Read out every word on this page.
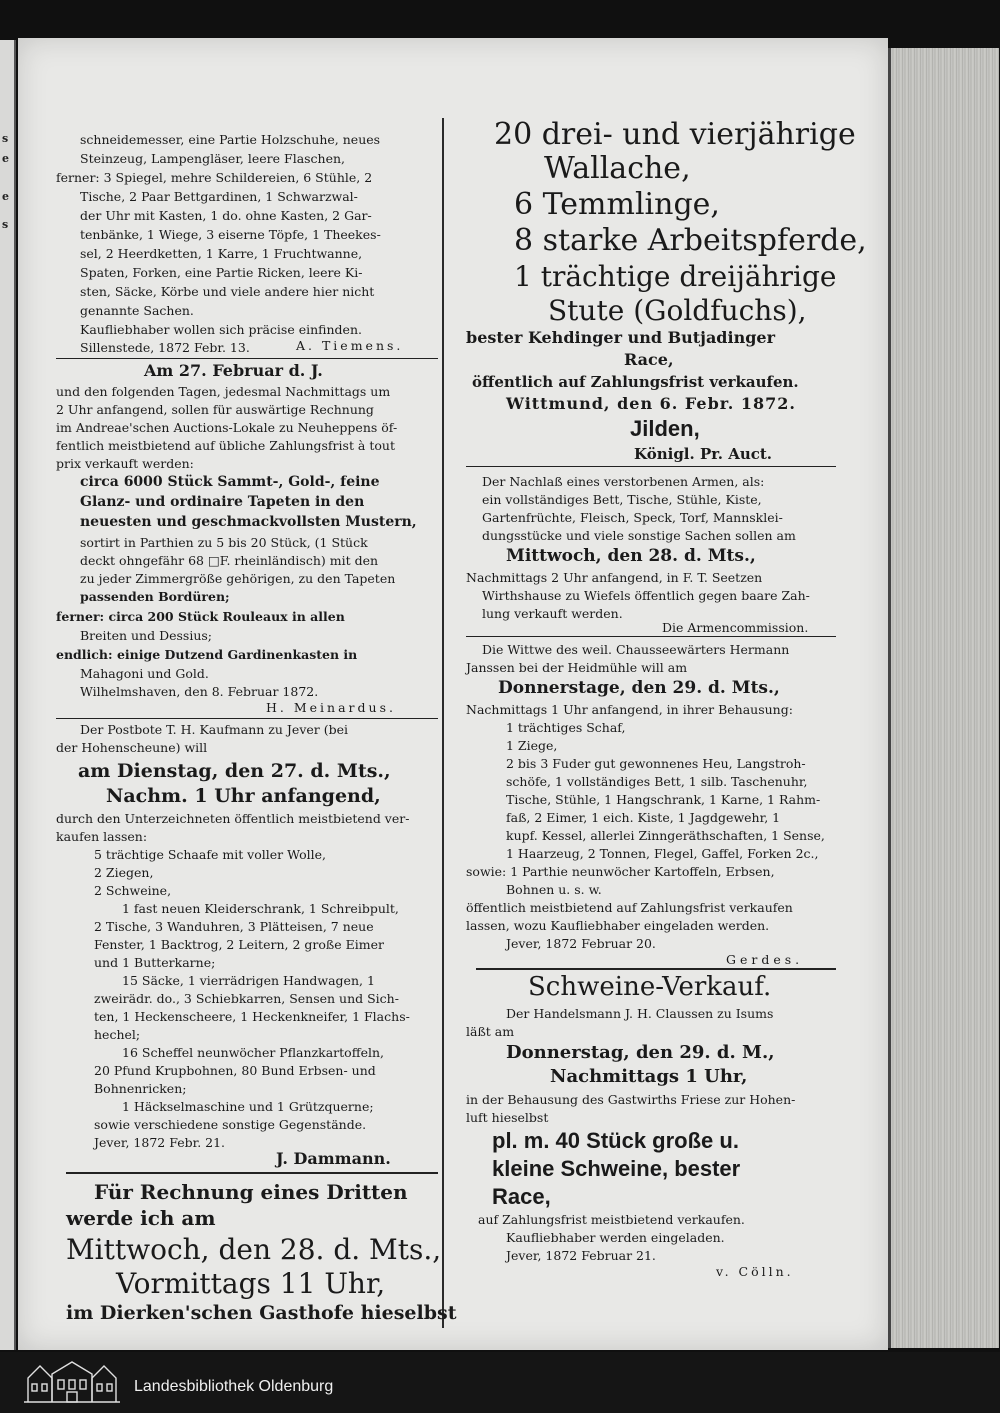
s
e
e
s
schneidemesser, eine Partie Holzschuhe, neues
Steinzeug, Lampengläser, leere Flaschen,
ferner: 3 Spiegel, mehre Schildereien, 6 Stühle, 2
Tische, 2 Paar Bettgardinen, 1 Schwarzwal-
der Uhr mit Kasten, 1 do. ohne Kasten, 2 Gar-
tenbänke, 1 Wiege, 3 eiserne Töpfe, 1 Theekes-
sel, 2 Heerdketten, 1 Karre, 1 Fruchtwanne,
Spaten, Forken, eine Partie Ricken, leere Ki-
sten, Säcke, Körbe und viele andere hier nicht
genannte Sachen.
Kaufliebhaber wollen sich präcise einfinden.
Sillenstede, 1872 Febr. 13.	A. Tiemens.
Am 27. Februar d. J.
und den folgenden Tagen, jedesmal Nachmittags um
2 Uhr anfangend, sollen für auswärtige Rechnung
im Andreae'schen Auctions-Lokale zu Neuheppens öf-
fentlich meistbietend auf übliche Zahlungsfrist à tout
prix verkauft werden:
circa 6000 Stück Sammt-, Gold-, feine
Glanz- und ordinaire Tapeten in den
neuesten und geschmackvollsten Mustern,
sortirt in Parthien zu 5 bis 20 Stück, (1 Stück
deckt ohngefähr 68 □F. rheinländisch) mit den
zu jeder Zimmergröße gehörigen, zu den Tapeten
passenden Bordüren;
ferner: circa 200 Stück Rouleaux in allen
Breiten und Dessius;
endlich: einige Dutzend Gardinenkasten in
Mahagoni und Gold.
Wilhelmshaven, den 8. Februar 1872.
H. Meinardus.
Der Postbote T. H. Kaufmann zu Jever (bei
der Hohenscheune) will
am Dienstag, den 27. d. Mts.,
Nachm. 1 Uhr anfangend,
durch den Unterzeichneten öffentlich meistbietend ver-
kaufen lassen:
5 trächtige Schaafe mit voller Wolle,
2 Ziegen,
2 Schweine,
1 fast neuen Kleiderschrank, 1 Schreibpult,
2 Tische, 3 Wanduhren, 3 Plätteisen, 7 neue
Fenster, 1 Backtrog, 2 Leitern, 2 große Eimer
und 1 Butterkarne;
15 Säcke, 1 vierrädrigen Handwagen, 1
zweirädr. do., 3 Schiebkarren, Sensen und Sich-
ten, 1 Heckenscheere, 1 Heckenkneifer, 1 Flachs-
hechel;
16 Scheffel neunwöcher Pflanzkartoffeln,
20 Pfund Krupbohnen, 80 Bund Erbsen- und
Bohnenricken;
1 Häckselmaschine und 1 Grützquerne;
sowie verschiedene sonstige Gegenstände.
Jever, 1872 Febr. 21.
J. Dammann.
Für Rechnung eines Dritten
werde ich am
Mittwoch, den 28. d. Mts.,
Vormittags 11 Uhr,
im Dierken'schen Gasthofe hieselbst
20 drei- und vierjährige
Wallache,
6 Temmlinge,
8 starke Arbeitspferde,
1 trächtige dreijährige
Stute (Goldfuchs),
bester Kehdinger und Butjadinger
Race,
öffentlich auf Zahlungsfrist verkaufen.
Wittmund, den 6. Febr. 1872.
Jilden,
Königl. Pr. Auct.
Der Nachlaß eines verstorbenen Armen, als:
ein vollständiges Bett, Tische, Stühle, Kiste,
Gartenfrüchte, Fleisch, Speck, Torf, Mannsklei-
dungsstücke und viele sonstige Sachen sollen am
Mittwoch, den 28. d. Mts.,
Nachmittags 2 Uhr anfangend, in F. T. Seetzen
Wirthshause zu Wiefels öffentlich gegen baare Zah-
lung verkauft werden.
Die Armencommission.
Die Wittwe des weil. Chausseewärters Hermann
Janssen bei der Heidmühle will am
Donnerstage, den 29. d. Mts.,
Nachmittags 1 Uhr anfangend, in ihrer Behausung:
1 trächtiges Schaf,
1 Ziege,
2 bis 3 Fuder gut gewonnenes Heu, Langstroh-
schöfe, 1 vollständiges Bett, 1 silb. Taschenuhr,
Tische, Stühle, 1 Hangschrank, 1 Karne, 1 Rahm-
faß, 2 Eimer, 1 eich. Kiste, 1 Jagdgewehr, 1
kupf. Kessel, allerlei Zinngeräthschaften, 1 Sense,
1 Haarzeug, 2 Tonnen, Flegel, Gaffel, Forken 2c.,
sowie: 1 Parthie neunwöcher Kartoffeln, Erbsen,
Bohnen u. s. w.
öffentlich meistbietend auf Zahlungsfrist verkaufen
lassen, wozu Kaufliebhaber eingeladen werden.
Jever, 1872 Februar 20.
Gerdes.
Schweine-Verkauf.
Der Handelsmann J. H. Claussen zu Isums
läßt am
Donnerstag, den 29. d. M.,
Nachmittags 1 Uhr,
in der Behausung des Gastwirths Friese zur Hohen-
luft hieselbst
pl. m. 40 Stück große u.
kleine Schweine, bester
Race,
auf Zahlungsfrist meistbietend verkaufen.
Kaufliebhaber werden eingeladen.
Jever, 1872 Februar 21.
v. Cölln.
Landesbibliothek Oldenburg
